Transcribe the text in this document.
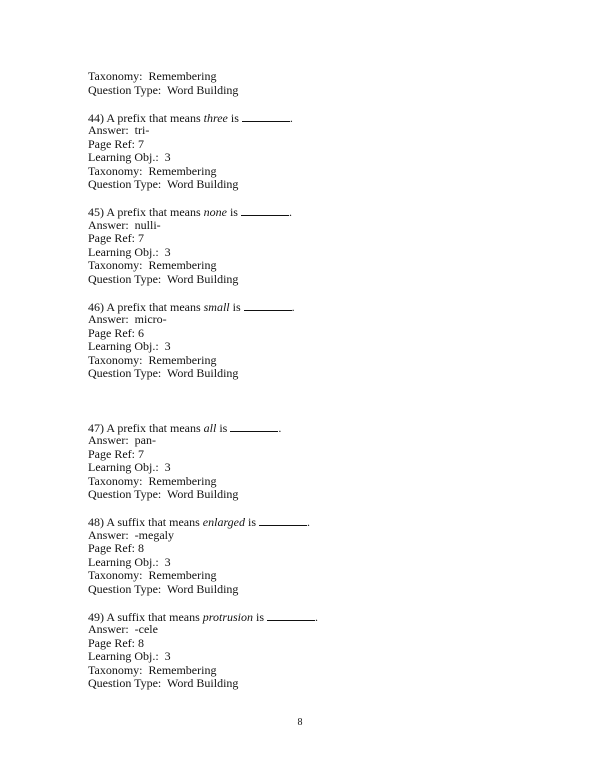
Taxonomy:  Remembering
Question Type:  Word Building
44) A prefix that means three is	.
Answer:  tri-
Page Ref: 7
Learning Obj.:  3
Taxonomy:  Remembering
Question Type:  Word Building
45) A prefix that means none is	.
Answer:  nulli-
Page Ref: 7
Learning Obj.:  3
Taxonomy:  Remembering
Question Type:  Word Building
46) A prefix that means small is	.
Answer:  micro-
Page Ref: 6
Learning Obj.:  3
Taxonomy:  Remembering
Question Type:  Word Building
47) A prefix that means all is	.
Answer:  pan-
Page Ref: 7
Learning Obj.:  3
Taxonomy:  Remembering
Question Type:  Word Building
48) A suffix that means enlarged is	.
Answer:  -megaly
Page Ref: 8
Learning Obj.:  3
Taxonomy:  Remembering
Question Type:  Word Building
49) A suffix that means protrusion is	.
Answer:  -cele
Page Ref: 8
Learning Obj.:  3
Taxonomy:  Remembering
Question Type:  Word Building
8
